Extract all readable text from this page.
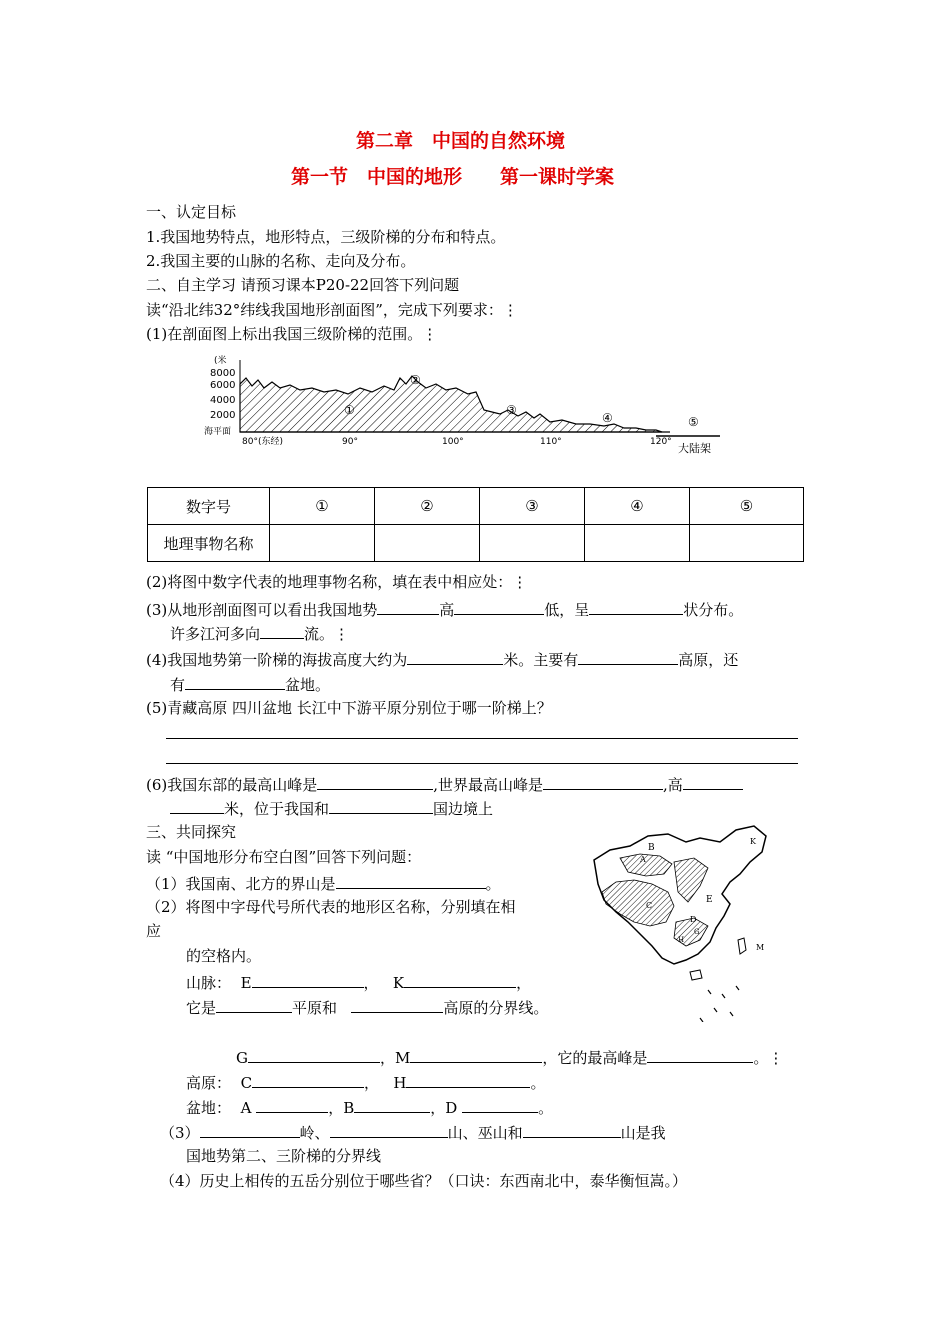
第二章　中国的自然环境
第一节　中国的地形　　第一课时学案
一、认定目标
1.我国地势特点，地形特点，三级阶梯的分布和特点。
2.我国主要的山脉的名称、走向及分布。
二、自主学习 请预习课本P20-22回答下列问题
读“沿北纬32°纬线我国地形剖面图”，完成下列要求：⋮
(1)在剖面图上标出我国三级阶梯的范围。⋮
(米
8000
6000
4000
2000
海平面
①
②
③
④	⑤
80°(东经)	90°	100°	110°	120° 大陆架
数字号	①	②	③	④	⑤
地理事物名称					
(2)将图中数字代表的地理事物名称，填在表中相应处：⋮
(3)从地形剖面图可以看出我国地势	高	低，呈	状分布。
许多江河多向	流。⋮
(4)我国地势第一阶梯的海拔高度大约为	米。主要有	高原，还
有	盆地。
(5)青藏高原 四川盆地 长江中下游平原分别位于哪一阶梯上？
(6)我国东部的最高山峰是	,世界最高山峰是	,高
米，位于我国和	国边境上
三、共同探究
读 “中国地形分布空白图”回答下列问题：
（1）我国南、北方的界山是	。
（2）将图中字母代号所代表的地形区名称，分别填在相
应
的空格内。
山脉： E	， K	，
它是	平原和	高原的分界线。
G	，M	，它的最高峰是	。⋮
高原： C	， H	。
盆地： A	，B	，D	。
（3）	岭、	山、巫山和	山是我
国地势第二、三阶梯的分界线
（4）历史上相传的五岳分别位于哪些省？（口诀：东西南北中，泰华衡恒嵩。）
B
A
K
C
E
D
G
H
M
